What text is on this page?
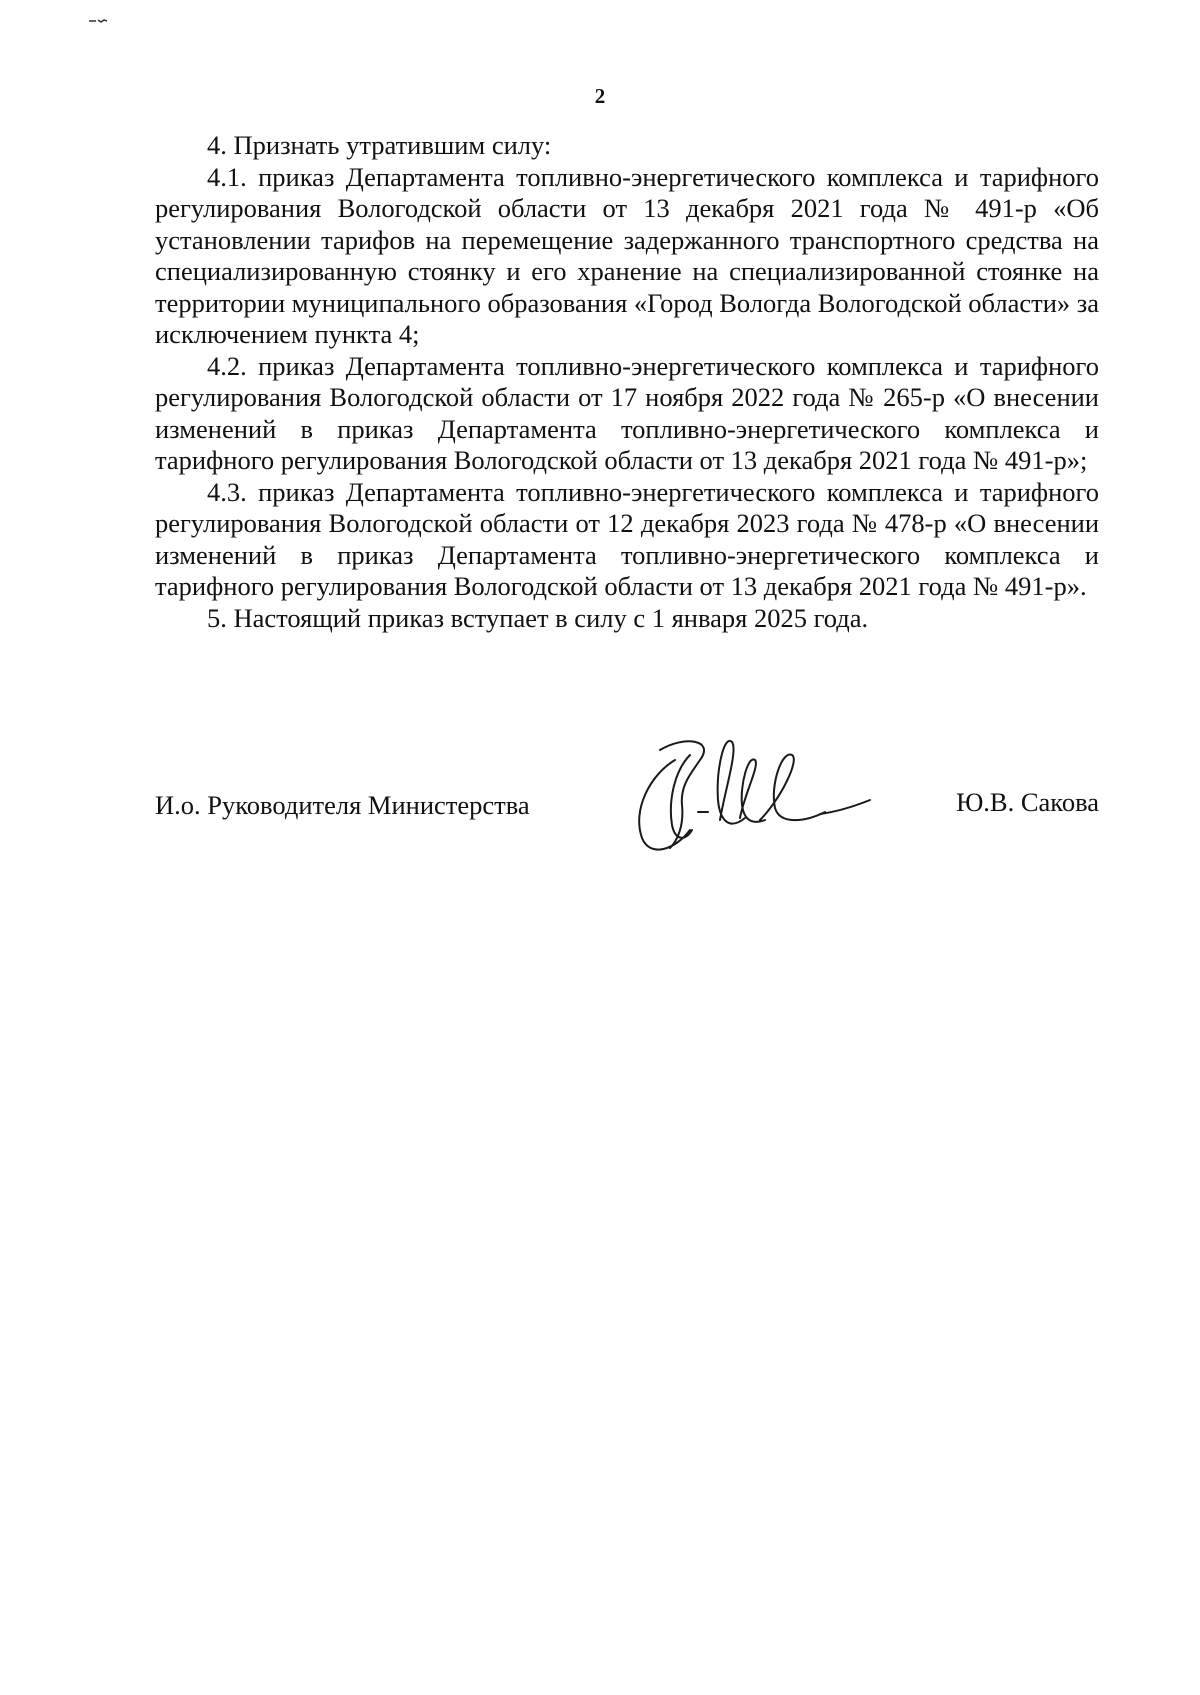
2

4. Признать утратившим силу:

4.1. приказ Департамента топливно-энергетического комплекса и тарифного регулирования Вологодской области от 13 декабря 2021 года № 491-р «Об установлении тарифов на перемещение задержанного транспортного средства на специализированную стоянку и его хранение на специализированной стоянке на территории муниципального образования «Город Вологда Вологодской области» за исключением пункта 4;

4.2. приказ Департамента топливно-энергетического комплекса и тарифного регулирования Вологодской области от 17 ноября 2022 года № 265-р «О внесении изменений в приказ Департамента топливно-энергетического комплекса и тарифного регулирования Вологодской области от 13 декабря 2021 года № 491-р»;

4.3. приказ Департамента топливно-энергетического комплекса и тарифного регулирования Вологодской области от 12 декабря 2023 года № 478-р «О внесении изменений в приказ Департамента топливно-энергетического комплекса и тарифного регулирования Вологодской области от 13 декабря 2021 года № 491-р».

5. Настоящий приказ вступает в силу с 1 января 2025 года.

И.о. Руководителя Министерства	Ю.В. Сакова
